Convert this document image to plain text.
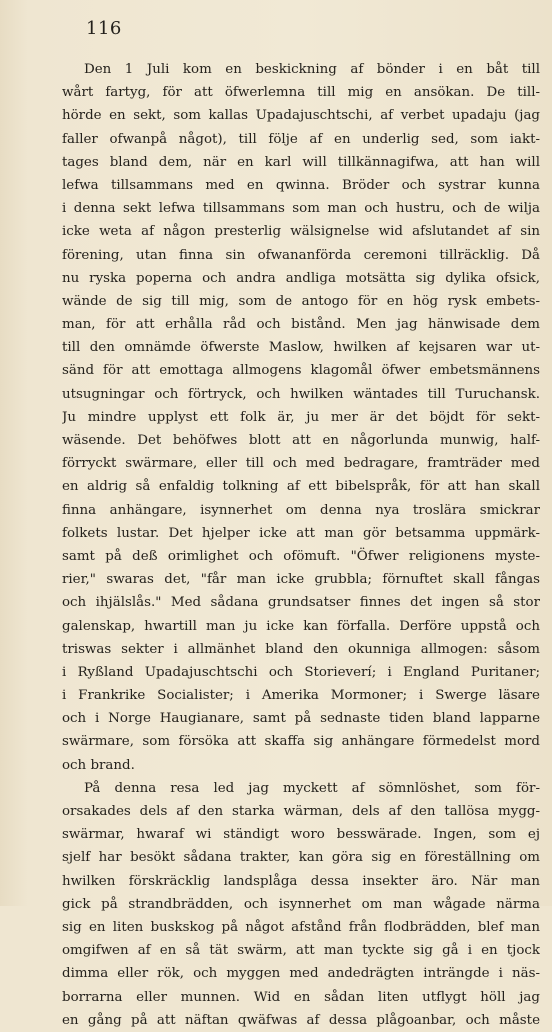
116
Den 1 Juli kom en beskickning af bönder i en båt till
wårt fartyg, för att öfwerlemna till mig en ansökan. De till-
hörde en sekt, som kallas Upadajuschtschi, af verbet upadaju (jag
faller ofwanpå något), till följe af en underlig sed, som iakt-
tages bland dem, när en karl will tillkännagifwa, att han will
lefwa tillsammans med en qwinna. Bröder och systrar kunna
i denna sekt lefwa tillsammans som man och hustru, och de wilja
icke weta af någon presterlig wälsignelse wid afslutandet af sin
förening, utan finna sin ofwananförda ceremoni tillräcklig. Då
nu ryska poperna och andra andliga motsätta sig dylika ofsick,
wände de sig till mig, som de antogo för en hög rysk embets-
man, för att erhålla råd och bistånd. Men jag hänwisade dem
till den omnämde öfwerste Maslow, hwilken af kejsaren war ut-
sänd för att emottaga allmogens klagomål öfwer embetsmännens
utsugningar och förtryck, och hwilken wäntades till Turuchansk.
Ju mindre upplyst ett folk är, ju mer är det böjdt för sekt-
wäsende. Det behöfwes blott att en någorlunda munwig, half-
förryckt swärmare, eller till och med bedragare, framträder med
en aldrig så enfaldig tolkning af ett bibelspråk, för att han skall
finna anhängare, isynnerhet om denna nya troslära smickrar
folkets lustar. Det hjelper icke att man gör betsamma uppmärk-
samt på deß orimlighet och ofömuft. "Öfwer religionens myste-
rier," swaras det, "får man icke grubbla; förnuftet skall fångas
och ihjälslås." Med sådana grundsatser finnes det ingen så stor
galenskap, hwartill man ju icke kan förfalla. Derföre uppstå och
triswas sekter i allmänhet bland den okunniga allmogen: såsom
i Ryßland Upadajuschtschi och Storieverí; i England Puritaner;
i Frankrike Socialister; i Amerika Mormoner; i Swerge läsare
och i Norge Haugianare, samt på sednaste tiden bland lapparne
swärmare, som försöka att skaffa sig anhängare förmedelst mord
och brand.
På denna resa led jag myckett af sömnlöshet, som för-
orsakades dels af den starka wärman, dels af den tallösa mygg-
swärmar, hwaraf wi ständigt woro besswärade. Ingen, som ej
sjelf har besökt sådana trakter, kan göra sig en föreställning om
hwilken förskräcklig landsplåga dessa insekter äro. När man
gick på strandbrädden, och isynnerhet om man wågade närma
sig en liten buskskog på något afstånd från flodbrädden, blef man
omgifwen af en så tät swärm, att man tyckte sig gå i en tjock
dimma eller rök, och myggen med andedrägten inträngde i näs-
borrarna eller munnen. Wid en sådan liten utflygt höll jag
en gång på att näftan qwäfwas af dessa plågoanbar, och måste
